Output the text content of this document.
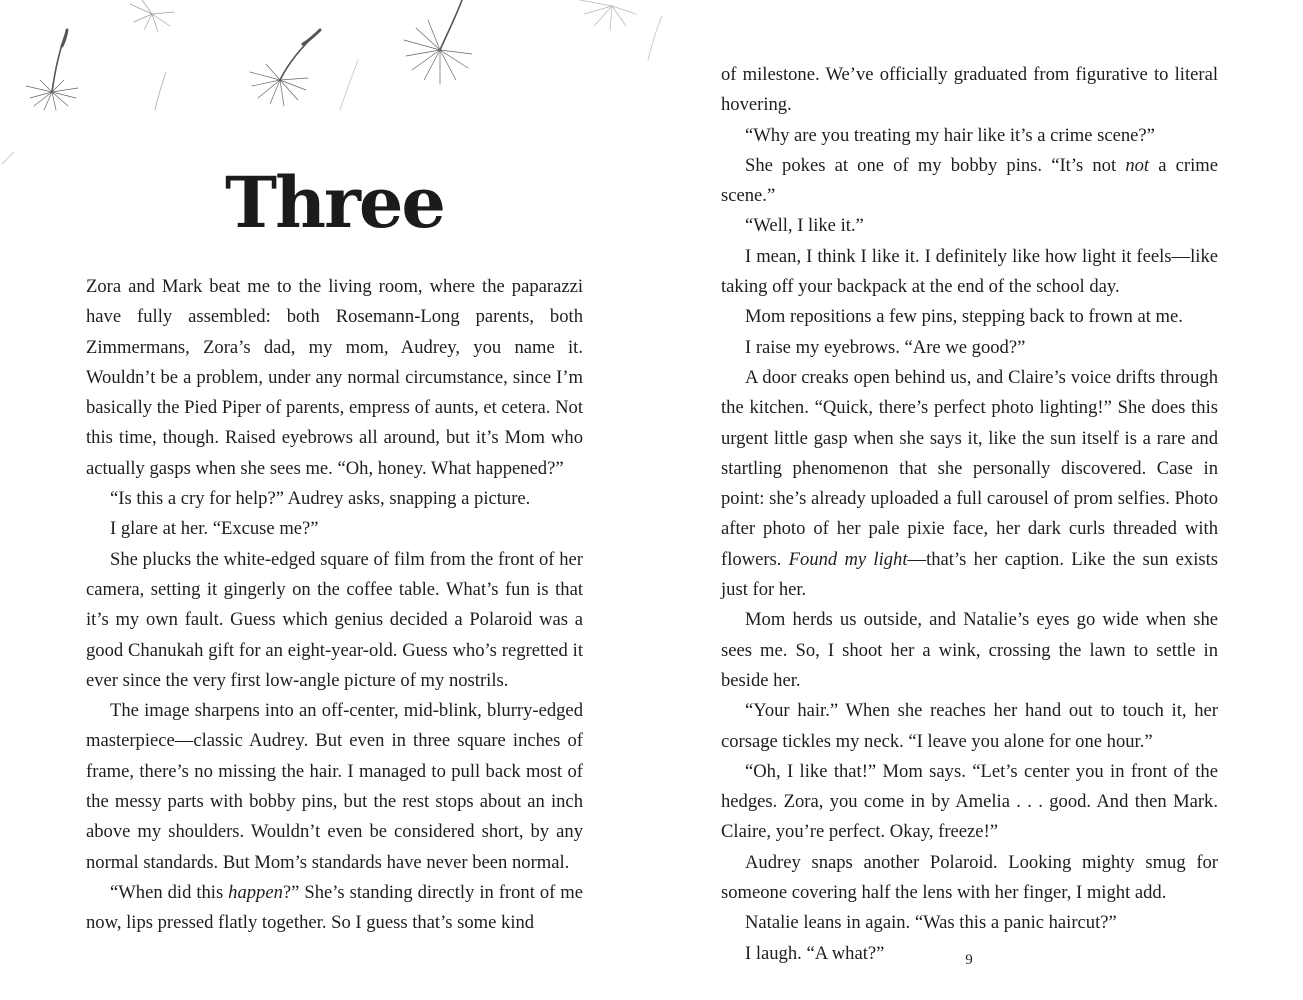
Three

Zora and Mark beat me to the living room, where the paparazzi have fully assembled: both Rosemann-Long parents, both Zimmermans, Zora’s dad, my mom, Audrey, you name it. Wouldn’t be a problem, under any normal circumstance, since I’m basically the Pied Piper of parents, empress of aunts, et cetera. Not this time, though. Raised eyebrows all around, but it’s Mom who actually gasps when she sees me. “Oh, honey. What happened?”

“Is this a cry for help?” Audrey asks, snapping a picture.

I glare at her. “Excuse me?”

She plucks the white-edged square of film from the front of her camera, setting it gingerly on the coffee table. What’s fun is that it’s my own fault. Guess which genius decided a Polaroid was a good Chanukah gift for an eight-year-old. Guess who’s regretted it ever since the very first low-angle picture of my nostrils.

The image sharpens into an off-center, mid-blink, blurry-edged masterpiece—classic Audrey. But even in three square inches of frame, there’s no missing the hair. I managed to pull back most of the messy parts with bobby pins, but the rest stops about an inch above my shoulders. Wouldn’t even be considered short, by any normal standards. But Mom’s standards have never been normal.

“When did this happen?” She’s standing directly in front of me now, lips pressed flatly together. So I guess that’s some kind

of milestone. We’ve officially graduated from figurative to literal hovering.

“Why are you treating my hair like it’s a crime scene?”

She pokes at one of my bobby pins. “It’s not not a crime scene.”

“Well, I like it.”

I mean, I think I like it. I definitely like how light it feels—like taking off your backpack at the end of the school day.

Mom repositions a few pins, stepping back to frown at me.

I raise my eyebrows. “Are we good?”

A door creaks open behind us, and Claire’s voice drifts through the kitchen. “Quick, there’s perfect photo lighting!” She does this urgent little gasp when she says it, like the sun itself is a rare and startling phenomenon that she personally discovered. Case in point: she’s already uploaded a full carousel of prom selfies. Photo after photo of her pale pixie face, her dark curls threaded with flowers. Found my light—that’s her caption. Like the sun exists just for her.

Mom herds us outside, and Natalie’s eyes go wide when she sees me. So, I shoot her a wink, crossing the lawn to settle in beside her.

“Your hair.” When she reaches her hand out to touch it, her corsage tickles my neck. “I leave you alone for one hour.”

“Oh, I like that!” Mom says. “Let’s center you in front of the hedges. Zora, you come in by Amelia . . . good. And then Mark. Claire, you’re perfect. Okay, freeze!”

Audrey snaps another Polaroid. Looking mighty smug for someone covering half the lens with her finger, I might add.

Natalie leans in again. “Was this a panic haircut?”

I laugh. “A what?”	9
